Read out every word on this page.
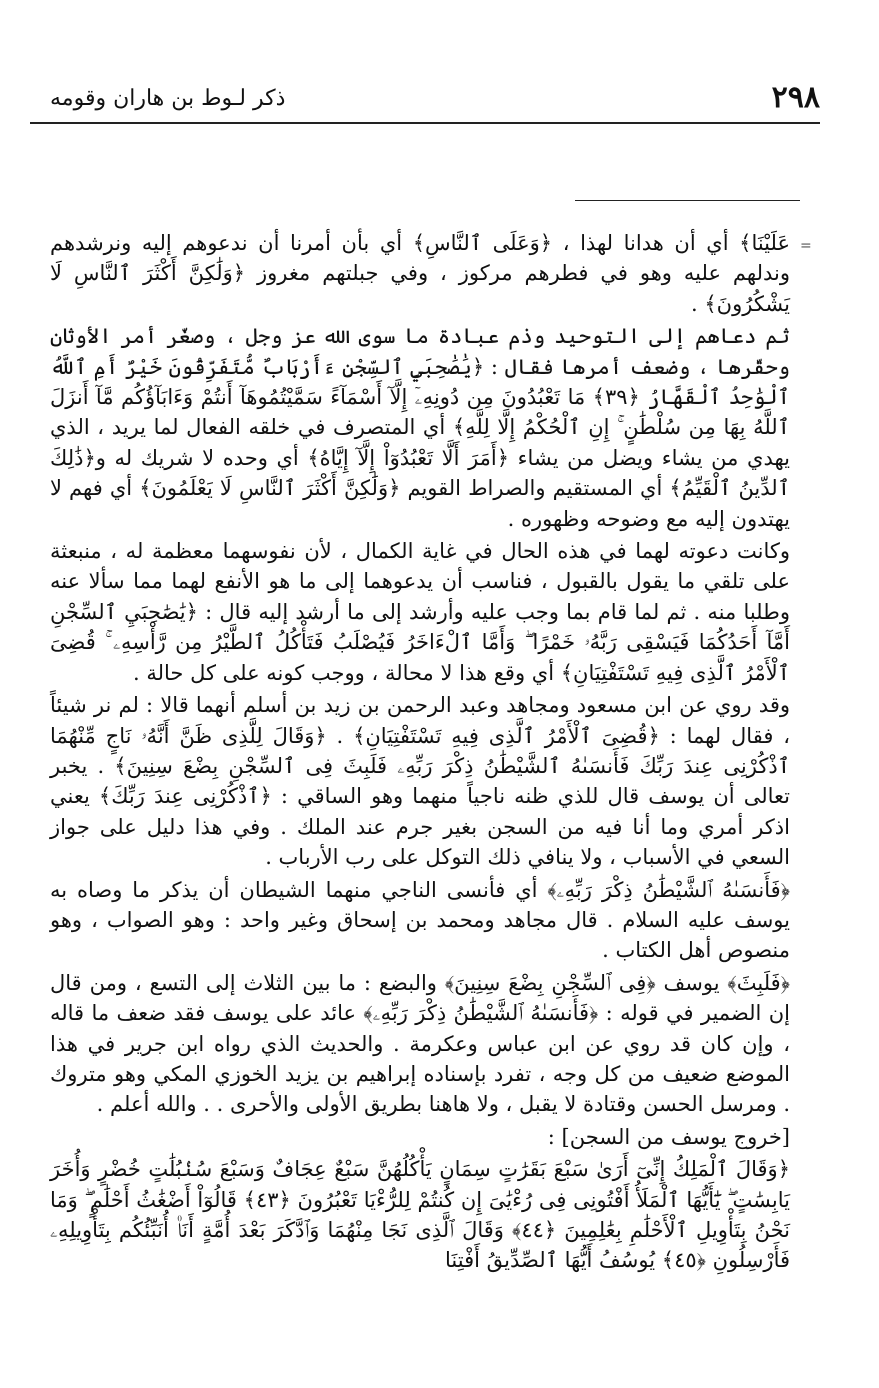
٢٩٨
ذكر لـوط بن هاران وقومه
=

عَلَيْنَا﴾ أي أن هدانا لهذا ، ﴿وَعَلَى ٱلنَّاسِ﴾ أي بأن أمرنا أن ندعوهم إليه ونرشدهم وندلهم عليه وهو في فطرهم مركوز ، وفي جبلتهم مغروز ﴿وَلَٰكِنَّ أَكْثَرَ ٱلنَّاسِ لَا يَشْكُرُونَ﴾ .

ثم دعاهم إلى التوحيد وذم عبادة ما سوى الله عز وجل ، وصغّر أمر الأوثان وحقّرها ، وضعف أمرها فقال : ﴿يَٰصَٰحِبَيِ ٱلسِّجْنِ ءَأَرْبَابٌ مُّتَفَرِّقُونَ خَيْرٌ أَمِ ٱللَّهُ ٱلْوَٰحِدُ ٱلْقَهَّارُ ﴿٣٩﴾ مَا تَعْبُدُونَ مِن دُونِهِۦٓ إِلَّآ أَسْمَآءً سَمَّيْتُمُوهَآ أَنتُمْ وَءَابَآؤُكُم مَّآ أَنزَلَ ٱللَّهُ بِهَا مِن سُلْطَٰنٍ ۚ إِنِ ٱلْحُكْمُ إِلَّا لِلَّهِ﴾ أي المتصرف في خلقه الفعال لما يريد ، الذي يهدي من يشاء ويضل من يشاء ﴿أَمَرَ أَلَّا تَعْبُدُوٓاْ إِلَّآ إِيَّاهُ﴾ أي وحده لا شريك له و﴿ذَٰلِكَ ٱلدِّينُ ٱلْقَيِّمُ﴾ أي المستقيم والصراط القويم ﴿وَلَٰكِنَّ أَكْثَرَ ٱلنَّاسِ لَا يَعْلَمُونَ﴾ أي فهم لا يهتدون إليه مع وضوحه وظهوره .

وكانت دعوته لهما في هذه الحال في غاية الكمال ، لأن نفوسهما معظمة له ، منبعثة على تلقي ما يقول بالقبول ، فناسب أن يدعوهما إلى ما هو الأنفع لهما مما سألا عنه وطلبا منه . ثم لما قام بما وجب عليه وأرشد إلى ما أرشد إليه قال : ﴿يَٰصَٰحِبَيِ ٱلسِّجْنِ أَمَّآ أَحَدُكُمَا فَيَسْقِى رَبَّهُۥ خَمْرًا ۖ وَأَمَّا ٱلْءَاخَرُ فَيُصْلَبُ فَتَأْكُلُ ٱلطَّيْرُ مِن رَّأْسِهِۦ ۚ قُضِىَ ٱلْأَمْرُ ٱلَّذِى فِيهِ تَسْتَفْتِيَانِ﴾ أي وقع هذا لا محالة ، ووجب كونه على كل حالة .

وقد روي عن ابن مسعود ومجاهد وعبد الرحمن بن زيد بن أسلم أنهما قالا : لم نر شيئاً ، فقال لهما : ﴿قُضِىَ ٱلْأَمْرُ ٱلَّذِى فِيهِ تَسْتَفْتِيَانِ﴾ . ﴿وَقَالَ لِلَّذِى ظَنَّ أَنَّهُۥ نَاجٍ مِّنْهُمَا ٱذْكُرْنِى عِندَ رَبِّكَ فَأَنسَىٰهُ ٱلشَّيْطَٰنُ ذِكْرَ رَبِّهِۦ فَلَبِثَ فِى ٱلسِّجْنِ بِضْعَ سِنِينَ﴾ . يخبر تعالى أن يوسف قال للذي ظنه ناجياً منهما وهو الساقي : ﴿ٱذْكُرْنِى عِندَ رَبِّكَ﴾ يعني اذكر أمري وما أنا فيه من السجن بغير جرم عند الملك . وفي هذا دليل على جواز السعي في الأسباب ، ولا ينافي ذلك التوكل على رب الأرباب .

﴿فَأَنسَىٰهُ ٱلشَّيْطَٰنُ ذِكْرَ رَبِّهِۦ﴾ أي فأنسى الناجي منهما الشيطان أن يذكر ما وصاه به يوسف عليه السلام . قال مجاهد ومحمد بن إسحاق وغير واحد : وهو الصواب ، وهو منصوص أهل الكتاب .

﴿فَلَبِثَ﴾ يوسف ﴿فِى ٱلسِّجْنِ بِضْعَ سِنِينَ﴾ والبضع : ما بين الثلاث إلى التسع ، ومن قال إن الضمير في قوله : ﴿فَأَنسَىٰهُ ٱلشَّيْطَٰنُ ذِكْرَ رَبِّهِۦ﴾ عائد على يوسف فقد ضعف ما قاله ، وإن كان قد روي عن ابن عباس وعكرمة . والحديث الذي رواه ابن جرير في هذا الموضع ضعيف من كل وجه ، تفرد بإسناده إبراهيم بن يزيد الخوزي المكي وهو متروك . ومرسل الحسن وقتادة لا يقبل ، ولا هاهنا بطريق الأولى والأحرى . . والله أعلم .

[خروج يوسف من السجن] :

﴿وَقَالَ ٱلْمَلِكُ إِنِّىٓ أَرَىٰ سَبْعَ بَقَرَٰتٍ سِمَانٍ يَأْكُلُهُنَّ سَبْعٌ عِجَافٌ وَسَبْعَ سُنۢبُلَٰتٍ خُضْرٍ وَأُخَرَ يَابِسَٰتٍ ۖ يَٰٓأَيُّهَا ٱلْمَلَأُ أَفْتُونِى فِى رُءْيَٰىَ إِن كُنتُمْ لِلرُّءْيَا تَعْبُرُونَ ﴿٤٣﴾ قَالُوٓاْ أَضْغَٰثُ أَحْلَٰمٍ ۖ وَمَا نَحْنُ بِتَأْوِيلِ ٱلْأَحْلَٰمِ بِعَٰلِمِينَ ﴿٤٤﴾ وَقَالَ ٱلَّذِى نَجَا مِنْهُمَا وَٱدَّكَرَ بَعْدَ أُمَّةٍ أَنَا۠ أُنَبِّئُكُم بِتَأْوِيلِهِۦ فَأَرْسِلُونِ ﴿٤٥﴾ يُوسُفُ أَيُّهَا ٱلصِّدِّيقُ أَفْتِنَا
